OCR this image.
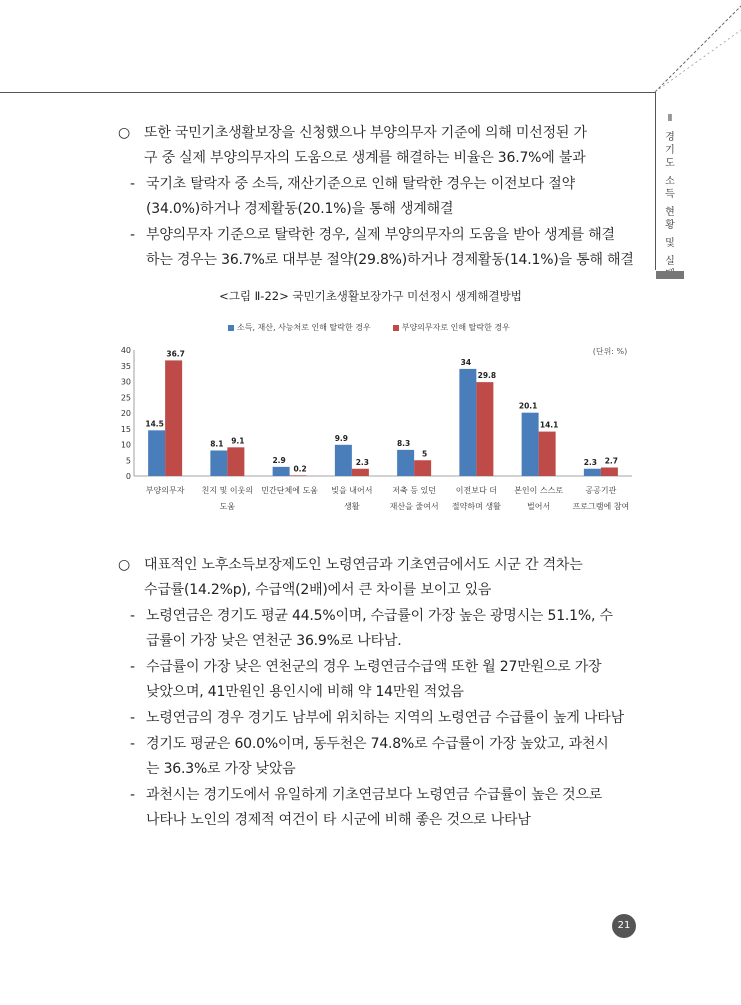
Ⅱ
경
기
도

소
득

현
황

및

실
○ 또한 국민기초생활보장을 신청했으나 부양의무자 기준에 의해 미선정된 가
구 중 실제 부양의무자의 도움으로 생계를 해결하는 비율은 36.7%에 불과
- 국기초 탈락자 중 소득, 재산기준으로 인해 탈락한 경우는 이전보다 절약
(34.0%)하거나 경제활동(20.1%)을 통해 생계해결
- 부양의무자 기준으로 탈락한 경우, 실제 부양의무자의 도움을 받아 생계를 해결
하는 경우는 36.7%로 대부분 절약(29.8%)하거나 경제활동(14.1%)을 통해 해결
<그림 Ⅱ-22> 국민기초생활보장가구 미선정시 생계해결방법
소득, 재산, 사능처로 인해 탈락한 경우	부양의무자로 인해 탈락한 경우
0
5
10
15
20
25
30
35
40	(단위: %)
14.5
36.7
부양의무자
8.1 9.1
친지 및 이웃의
도움
2.9
0.2
민간단체에 도움
9.9
2.3
빚을 내어서
생활
8.3
5
저축 등 있던
재산을 줄여서
34
29.8
이전보다 더
절약하며 생활
20.1
14.1
본인이 스스로
벌어서
2.3 2.7
공공기관
프로그램에 참여
○ 대표적인 노후소득보장제도인 노령연금과 기초연금에서도 시군 간 격차는
수급률(14.2%p), 수급액(2배)에서 큰 차이를 보이고 있음
- 노령연금은 경기도 평균 44.5%이며, 수급률이 가장 높은 광명시는 51.1%, 수
급률이 가장 낮은 연천군 36.9%로 나타남.
- 수급률이 가장 낮은 연천군의 경우 노령연금수급액 또한 월 27만원으로 가장
낮았으며, 41만원인 용인시에 비해 약 14만원 적었음
- 노령연금의 경우 경기도 남부에 위치하는 지역의 노령연금 수급률이 높게 나타남
- 경기도 평균은 60.0%이며, 동두천은 74.8%로 수급률이 가장 높았고, 과천시
는 36.3%로 가장 낮았음
- 과천시는 경기도에서 유일하게 기초연금보다 노령연금 수급률이 높은 것으로
나타나 노인의 경제적 여건이 타 시군에 비해 좋은 것으로 나타남
21
